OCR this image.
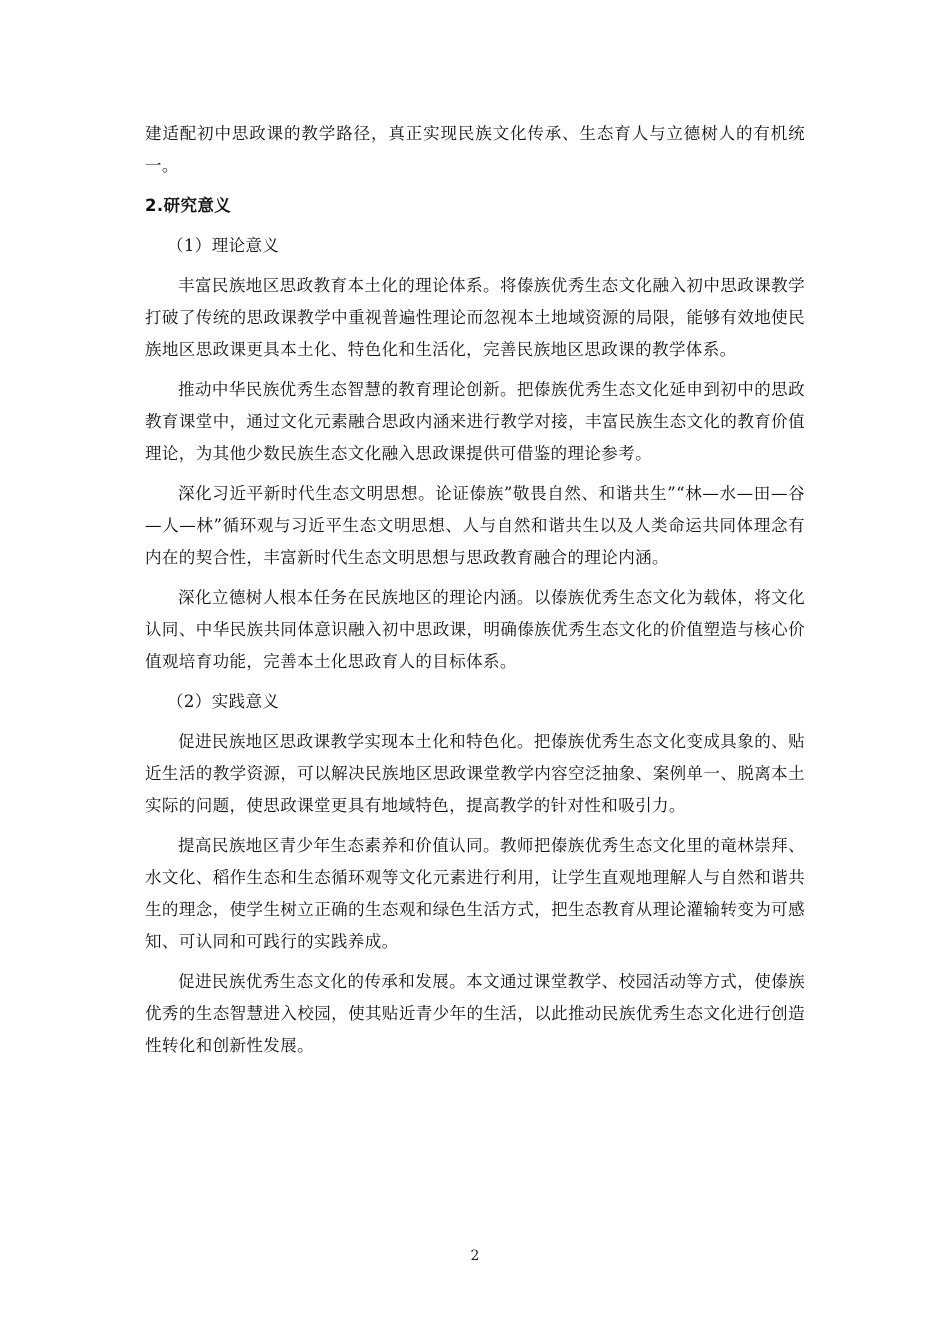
建适配初中思政课的教学路径，真正实现民族文化传承、生态育人与立德树人的有机统一。

2.研究意义

（1）理论意义

丰富民族地区思政教育本土化的理论体系。将傣族优秀生态文化融入初中思政课教学打破了传统的思政课教学中重视普遍性理论而忽视本土地域资源的局限，能够有效地使民族地区思政课更具本土化、特色化和生活化，完善民族地区思政课的教学体系。

推动中华民族优秀生态智慧的教育理论创新。把傣族优秀生态文化延申到初中的思政教育课堂中，通过文化元素融合思政内涵来进行教学对接，丰富民族生态文化的教育价值理论，为其他少数民族生态文化融入思政课提供可借鉴的理论参考。

深化习近平新时代生态文明思想。论证傣族”敬畏自然、和谐共生”“林—水—田—谷—人—林”循环观与习近平生态文明思想、人与自然和谐共生以及人类命运共同体理念有内在的契合性，丰富新时代生态文明思想与思政教育融合的理论内涵。

深化立德树人根本任务在民族地区的理论内涵。以傣族优秀生态文化为载体，将文化认同、中华民族共同体意识融入初中思政课，明确傣族优秀生态文化的价值塑造与核心价值观培育功能，完善本土化思政育人的目标体系。

（2）实践意义

促进民族地区思政课教学实现本土化和特色化。把傣族优秀生态文化变成具象的、贴近生活的教学资源，可以解决民族地区思政课堂教学内容空泛抽象、案例单一、脱离本土实际的问题，使思政课堂更具有地域特色，提高教学的针对性和吸引力。

提高民族地区青少年生态素养和价值认同。教师把傣族优秀生态文化里的竜林崇拜、水文化、稻作生态和生态循环观等文化元素进行利用，让学生直观地理解人与自然和谐共生的理念，使学生树立正确的生态观和绿色生活方式，把生态教育从理论灌输转变为可感知、可认同和可践行的实践养成。

促进民族优秀生态文化的传承和发展。本文通过课堂教学、校园活动等方式，使傣族优秀的生态智慧进入校园，使其贴近青少年的生活，以此推动民族优秀生态文化进行创造性转化和创新性发展。

2
